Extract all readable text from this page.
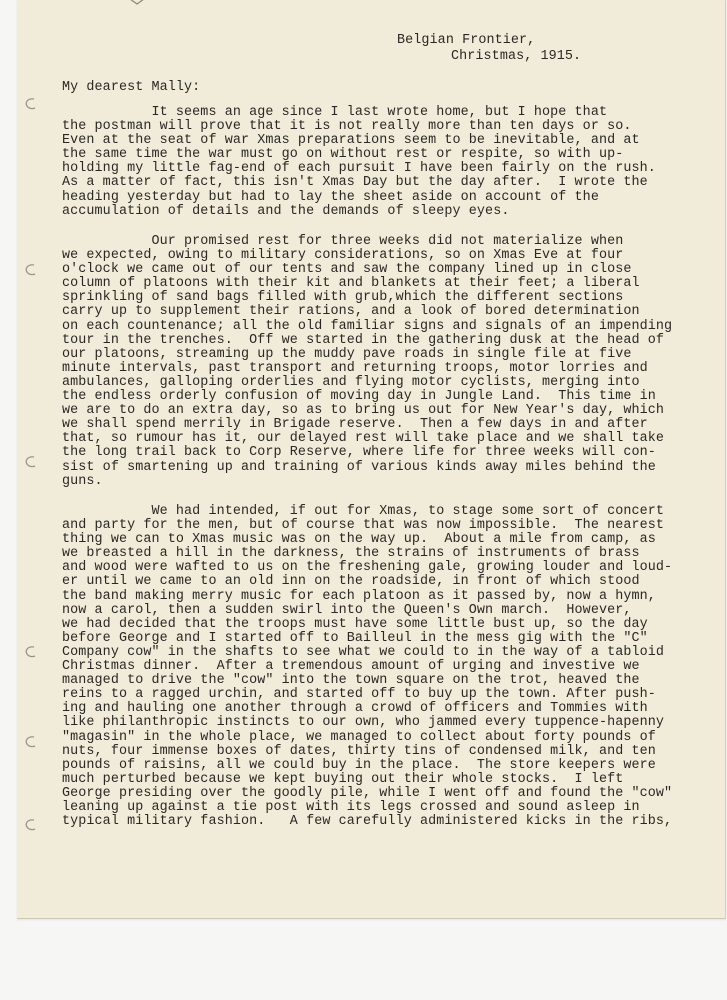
Belgian Frontier,
Christmas, 1915.
My dearest Mally:
It seems an age since I last wrote home, but I hope that
the postman will prove that it is not really more than ten days or so.
Even at the seat of war Xmas preparations seem to be inevitable, and at
the same time the war must go on without rest or respite, so with up-
holding my little fag-end of each pursuit I have been fairly on the rush.
As a matter of fact, this isn't Xmas Day but the day after.  I wrote the
heading yesterday but had to lay the sheet aside on account of the
accumulation of details and the demands of sleepy eyes.
Our promised rest for three weeks did not materialize when
we expected, owing to military considerations, so on Xmas Eve at four
o'clock we came out of our tents and saw the company lined up in close
column of platoons with their kit and blankets at their feet; a liberal
sprinkling of sand bags filled with grub,which the different sections
carry up to supplement their rations, and a look of bored determination
on each countenance; all the old familiar signs and signals of an impending
tour in the trenches.  Off we started in the gathering dusk at the head of
our platoons, streaming up the muddy pave roads in single file at five
minute intervals, past transport and returning troops, motor lorries and
ambulances, galloping orderlies and flying motor cyclists, merging into
the endless orderly confusion of moving day in Jungle Land.  This time in
we are to do an extra day, so as to bring us out for New Year's day, which
we shall spend merrily in Brigade reserve.  Then a few days in and after
that, so rumour has it, our delayed rest will take place and we shall take
the long trail back to Corp Reserve, where life for three weeks will con-
sist of smartening up and training of various kinds away miles behind the
guns.
We had intended, if out for Xmas, to stage some sort of concert
and party for the men, but of course that was now impossible.  The nearest
thing we can to Xmas music was on the way up.  About a mile from camp, as
we breasted a hill in the darkness, the strains of instruments of brass
and wood were wafted to us on the freshening gale, growing louder and loud-
er until we came to an old inn on the roadside, in front of which stood
the band making merry music for each platoon as it passed by, now a hymn,
now a carol, then a sudden swirl into the Queen's Own march.  However,
we had decided that the troops must have some little bust up, so the day
before George and I started off to Bailleul in the mess gig with the "C"
Company cow" in the shafts to see what we could to in the way of a tabloid
Christmas dinner.  After a tremendous amount of urging and investive we
managed to drive the "cow" into the town square on the trot, heaved the
reins to a ragged urchin, and started off to buy up the town. After push-
ing and hauling one another through a crowd of officers and Tommies with
like philanthropic instincts to our own, who jammed every tuppence-hapenny
"magasin" in the whole place, we managed to collect about forty pounds of
nuts, four immense boxes of dates, thirty tins of condensed milk, and ten
pounds of raisins, all we could buy in the place.  The store keepers were
much perturbed because we kept buying out their whole stocks.  I left
George presiding over the goodly pile, while I went off and found the "cow"
leaning up against a tie post with its legs crossed and sound asleep in
typical military fashion.   A few carefully administered kicks in the ribs,
